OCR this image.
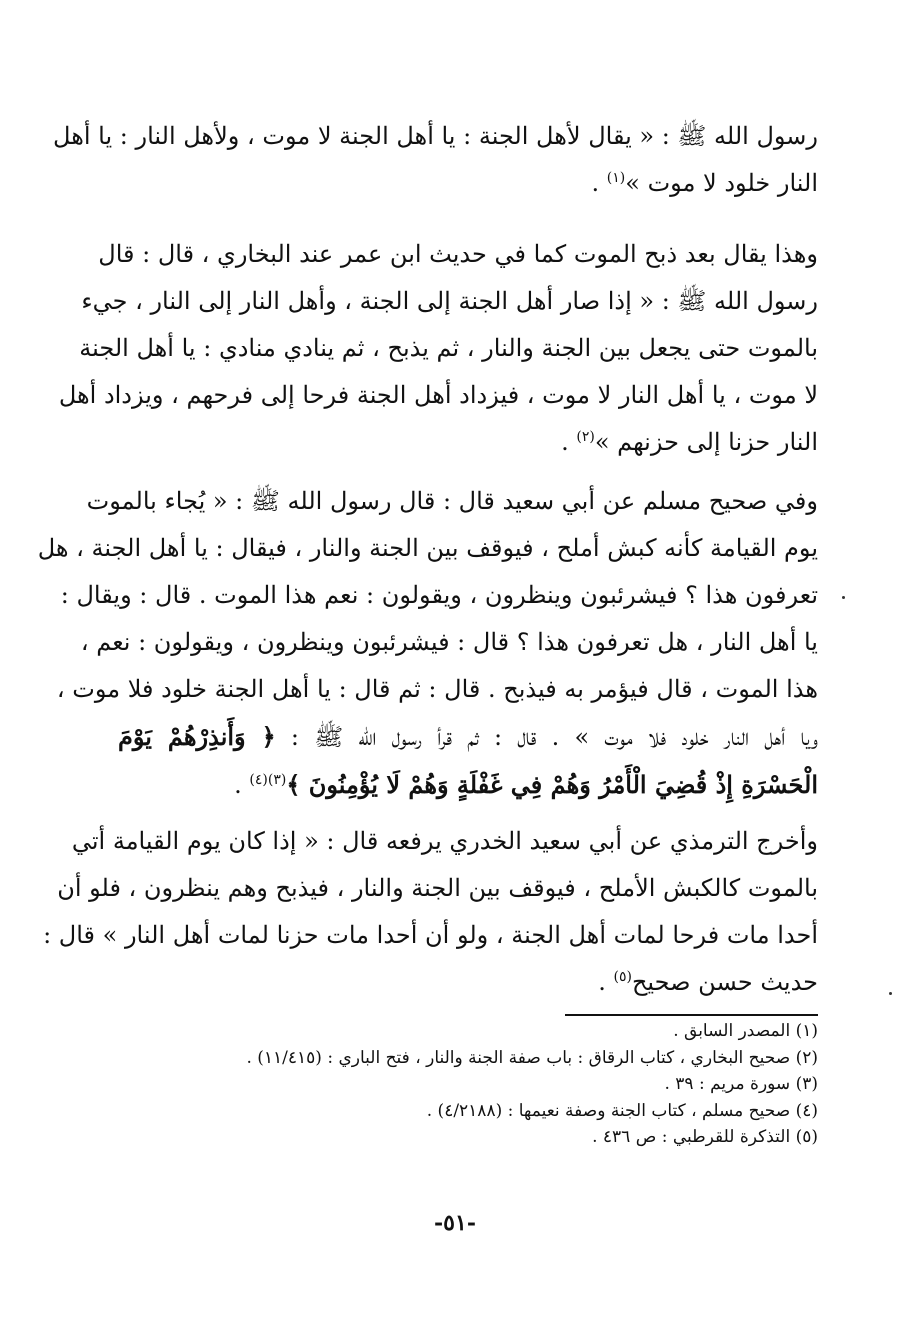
رسول الله ﷺ : « يقال لأهل الجنة : يا أهل الجنة لا موت ، ولأهل النار : يا أهل
النار خلود لا موت »$^{(١)}$ .
وهذا يقال بعد ذبح الموت كما في حديث ابن عمر عند البخاري ، قال : قال
رسول الله ﷺ : « إذا صار أهل الجنة إلى الجنة ، وأهل النار إلى النار ، جيء
بالموت حتى يجعل بين الجنة والنار ، ثم يذبح ، ثم ينادي منادي : يا أهل الجنة
لا موت ، يا أهل النار لا موت ، فيزداد أهل الجنة فرحا إلى فرحهم ، ويزداد أهل
النار حزنا إلى حزنهم »$^{(٢)}$ .
وفي صحيح مسلم عن أبي سعيد قال : قال رسول الله ﷺ : « يُجاء بالموت
يوم القيامة كأنه كبش أملح ، فيوقف بين الجنة والنار ، فيقال : يا أهل الجنة ، هل
تعرفون هذا ؟ فيشرئبون وينظرون ، ويقولون : نعم هذا الموت . قال : ويقال :
يا أهل النار ، هل تعرفون هذا ؟ قال : فيشرئبون وينظرون ، ويقولون : نعم ،
هذا الموت ، قال فيؤمر به فيذبح . قال : ثم قال : يا أهل الجنة خلود فلا موت ،
ويا أهل النار خلود فلا موت » . قال : ثم قرأ رسول الله ﷺ : ﴿ وَأَنذِرْهُمْ يَوْمَ
الْحَسْرَةِ إِذْ قُضِيَ الْأَمْرُ وَهُمْ فِي غَفْلَةٍ وَهُمْ لَا يُؤْمِنُونَ ﴾$^{(٣)(٤)}$ .
وأخرج الترمذي عن أبي سعيد الخدري يرفعه قال : « إذا كان يوم القيامة أتي
بالموت كالكبش الأملح ، فيوقف بين الجنة والنار ، فيذبح وهم ينظرون ، فلو أن
أحدا مات فرحا لمات أهل الجنة ، ولو أن أحدا مات حزنا لمات أهل النار » قال :
حديث حسن صحيح$^{(٥)}$ .
(١) المصدر السابق .
(٢) صحيح البخاري ، كتاب الرقاق : باب صفة الجنة والنار ، فتح الباري : (١١/٤١٥) .
(٣) سورة مريم : ٣٩ .
(٤) صحيح مسلم ، كتاب الجنة وصفة نعيمها : (٤/٢١٨٨) .
(٥) التذكرة للقرطبي : ص ٤٣٦ .
-٥١-
